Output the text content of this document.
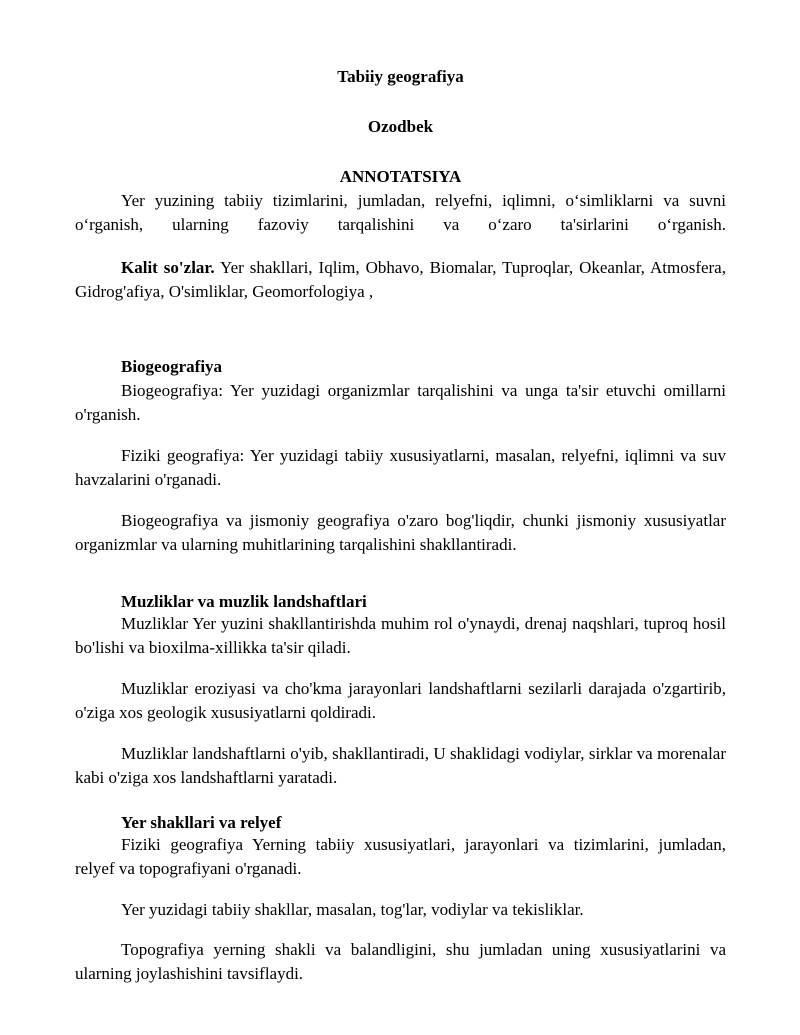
Tabiiy geografiya

Ozodbek

ANNOTATSIYA

Yer yuzining tabiiy tizimlarini, jumladan, relyefni, iqlimni, o‘simliklarni va suvni o‘rganish, ularning fazoviy tarqalishini va o‘zaro ta'sirlarini o‘rganish.

Kalit so'zlar. Yer shakllari, Iqlim, Obhavo, Biomalar, Tuproqlar, Okeanlar, Atmosfera, Gidrog'afiya, O'simliklar, Geomorfologiya ,

Biogeografiya

Biogeografiya: Yer yuzidagi organizmlar tarqalishini va unga ta'sir etuvchi omillarni o'rganish.

Fiziki geografiya: Yer yuzidagi tabiiy xususiyatlarni, masalan, relyefni, iqlimni va suv havzalarini o'rganadi.

Biogeografiya va jismoniy geografiya o'zaro bog'liqdir, chunki jismoniy xususiyatlar organizmlar va ularning muhitlarining tarqalishini shakllantiradi.

Muzliklar va muzlik landshaftlari

Muzliklar Yer yuzini shakllantirishda muhim rol o'ynaydi, drenaj naqshlari, tuproq hosil bo'lishi va bioxilma-xillikka ta'sir qiladi.

Muzliklar eroziyasi va cho'kma jarayonlari landshaftlarni sezilarli darajada o'zgartirib, o'ziga xos geologik xususiyatlarni qoldiradi.

Muzliklar landshaftlarni o'yib, shakllantiradi, U shaklidagi vodiylar, sirklar va morenalar kabi o'ziga xos landshaftlarni yaratadi.

Yer shakllari va relyef

Fiziki geografiya Yerning tabiiy xususiyatlari, jarayonlari va tizimlarini, jumladan, relyef va topografiyani o'rganadi.

Yer yuzidagi tabiiy shakllar, masalan, tog'lar, vodiylar va tekisliklar.

Topografiya yerning shakli va balandligini, shu jumladan uning xususiyatlarini va ularning joylashishini tavsiflaydi.
